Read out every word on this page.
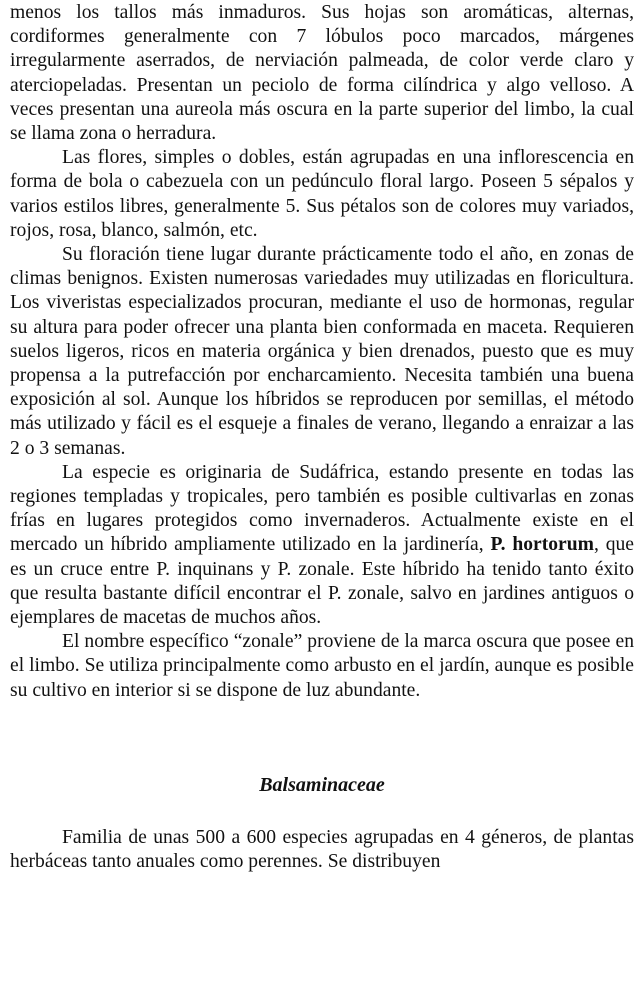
menos los tallos más inmaduros. Sus hojas son aromáticas, alternas, cordiformes generalmente con 7 lóbulos poco marcados, márgenes irregularmente aserrados, de nerviación palmeada, de color verde claro y aterciopeladas. Presentan un peciolo de forma cilíndrica y algo velloso. A veces presentan una aureola más oscura en la parte superior del limbo, la cual se llama zona o herradura.

Las flores, simples o dobles, están agrupadas en una inflorescencia en forma de bola o cabezuela con un pedúnculo floral largo. Poseen 5 sépalos y varios estilos libres, generalmente 5. Sus pétalos son de colores muy variados, rojos, rosa, blanco, salmón, etc.

Su floración tiene lugar durante prácticamente todo el año, en zonas de climas benignos. Existen numerosas variedades muy utilizadas en floricultura. Los viveristas especializados procuran, mediante el uso de hormonas, regular su altura para poder ofrecer una planta bien conformada en maceta. Requieren suelos ligeros, ricos en materia orgánica y bien drenados, puesto que es muy propensa a la putrefacción por encharcamiento. Necesita también una buena exposición al sol. Aunque los híbridos se reproducen por semillas, el método más utilizado y fácil es el esqueje a finales de verano, llegando a enraizar a las 2 o 3 semanas.

La especie es originaria de Sudáfrica, estando presente en todas las regiones templadas y tropicales, pero también es posible cultivarlas en zonas frías en lugares protegidos como invernaderos. Actualmente existe en el mercado un híbrido ampliamente utilizado en la jardinería, P. hortorum, que es un cruce entre P. inquinans y P. zonale. Este híbrido ha tenido tanto éxito que resulta bastante difícil encontrar el P. zonale, salvo en jardines antiguos o ejemplares de macetas de muchos años.

El nombre específico “zonale” proviene de la marca oscura que posee en el limbo. Se utiliza principalmente como arbusto en el jardín, aunque es posible su cultivo en interior si se dispone de luz abundante.

Balsaminaceae

Familia de unas 500 a 600 especies agrupadas en 4 géneros, de plantas herbáceas tanto anuales como perennes. Se distribuyen
